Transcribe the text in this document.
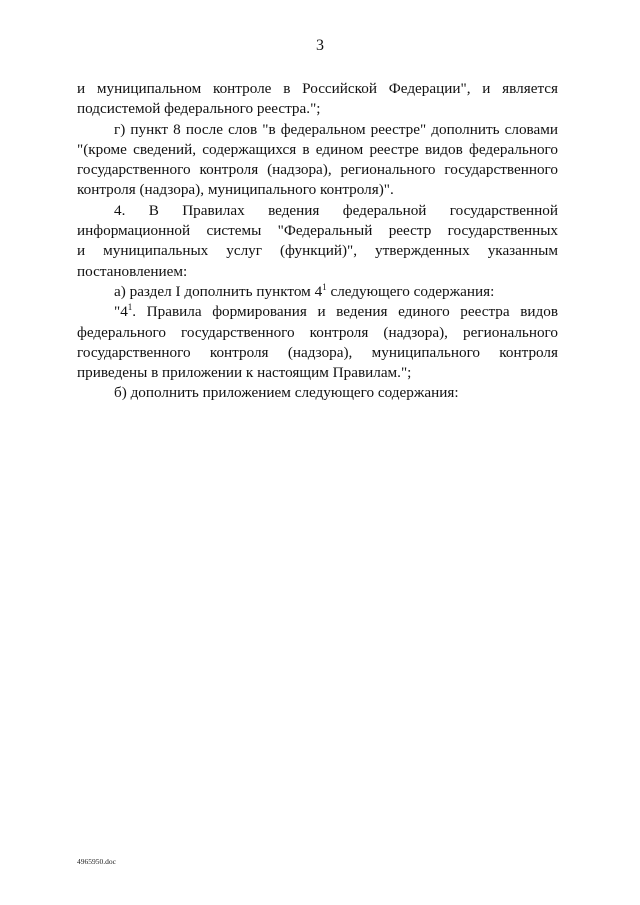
3
и муниципальном контроле в Российской Федерации", и является
подсистемой федерального реестра.";
г) пункт 8 после слов "в федеральном реестре" дополнить словами
"(кроме сведений, содержащихся в едином реестре видов федерального
государственного контроля (надзора), регионального государственного
контроля (надзора), муниципального контроля)".
4. В Правилах ведения федеральной государственной
информационной системы "Федеральный реестр государственных
и муниципальных услуг (функций)", утвержденных указанным
постановлением:
а) раздел I дополнить пунктом $4^1$ следующего содержания:
"$4^1$. Правила формирования и ведения единого реестра видов
федерального государственного контроля (надзора), регионального
государственного контроля (надзора), муниципального контроля
приведены в приложении к настоящим Правилам.";
б) дополнить приложением следующего содержания:
4965950.doc
